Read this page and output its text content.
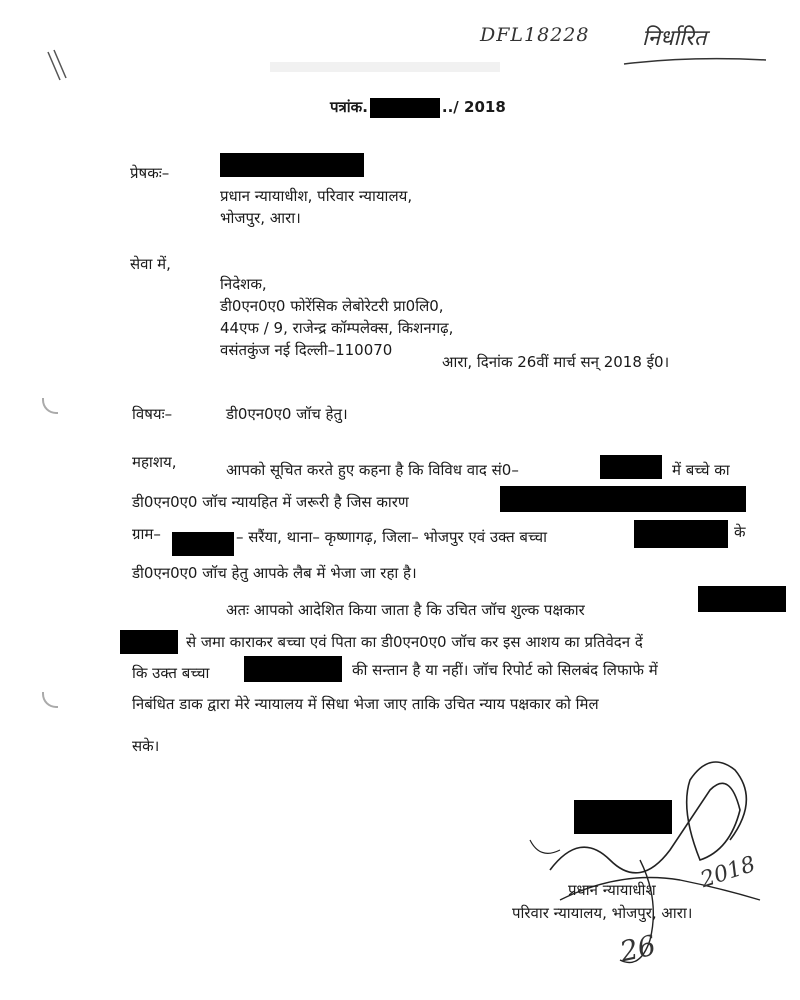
DFL18228 निर्धारित
पत्रांक.	../ 2018
प्रेषकः–
प्रधान न्यायाधीश, परिवार न्यायालय,
भोजपुर, आरा।
सेवा में,
निदेशक,
डी0एन0ए0 फोरेंसिक लेबोरेटरी प्रा0लि0,
44एफ / 9, राजेन्द्र कॉम्पलेक्स, किशनगढ़,
वसंतकुंज नई दिल्ली–110070
आरा, दिनांक 26वीं मार्च सन् 2018 ई0।
विषयः–	डी0एन0ए0 जॉच हेतु।
महाशय,	आपको सूचित करते हुए कहना है कि विविध वाद सं0–	में बच्चे का
डी0एन0ए0 जॉच न्यायहित में जरूरी है जिस कारण
ग्राम–	– सरैंया, थाना– कृष्णागढ़, जिला– भोजपुर एवं उक्त बच्चा	के
डी0एन0ए0 जॉच हेतु आपके लैब में भेजा जा रहा है।
अतः आपको आदेशित किया जाता है कि उचित जॉच शुल्क पक्षकार
से जमा काराकर बच्चा एवं पिता का डी0एन0ए0 जॉच कर इस आशय का प्रतिवेदन दें
कि उक्त बच्चा	की सन्तान है या नहीं। जॉच रिपोर्ट को सिलबंद लिफाफे में
निबंधित डाक द्वारा मेरे न्यायालय में सिधा भेजा जाए ताकि उचित न्याय पक्षकार को मिल
सके।
प्रधान न्यायाधीश
परिवार न्यायालय, भोजपुर, आरा।
2018
26
